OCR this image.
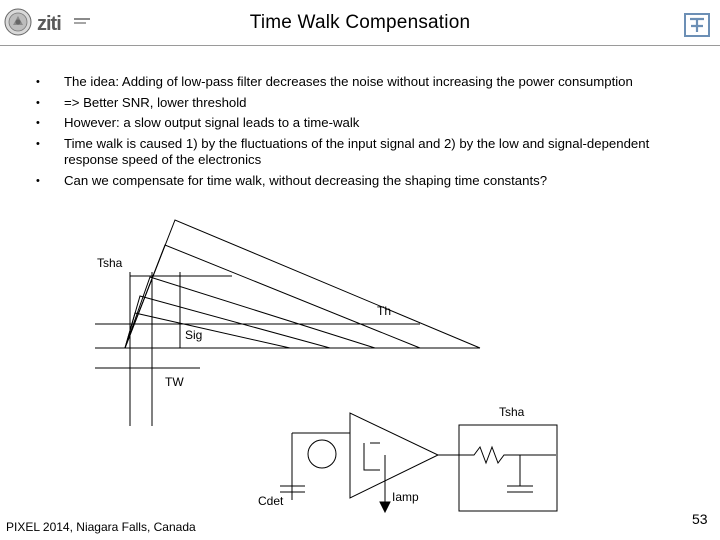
ziti	Time Walk Compensation
• The idea: Adding of low-pass filter decreases the noise without increasing the power consumption
• => Better SNR, lower threshold
• However: a slow output signal leads to a time-walk
• Time walk is caused 1) by the fluctuations of the input signal and 2) by the low and signal-dependent response speed of the electronics
• Can we compensate for time walk, without decreasing the shaping time constants?
Tsha
Th
Sig
TW
Tsha
Cdet	Iamp
PIXEL 2014, Niagara Falls, Canada	53
